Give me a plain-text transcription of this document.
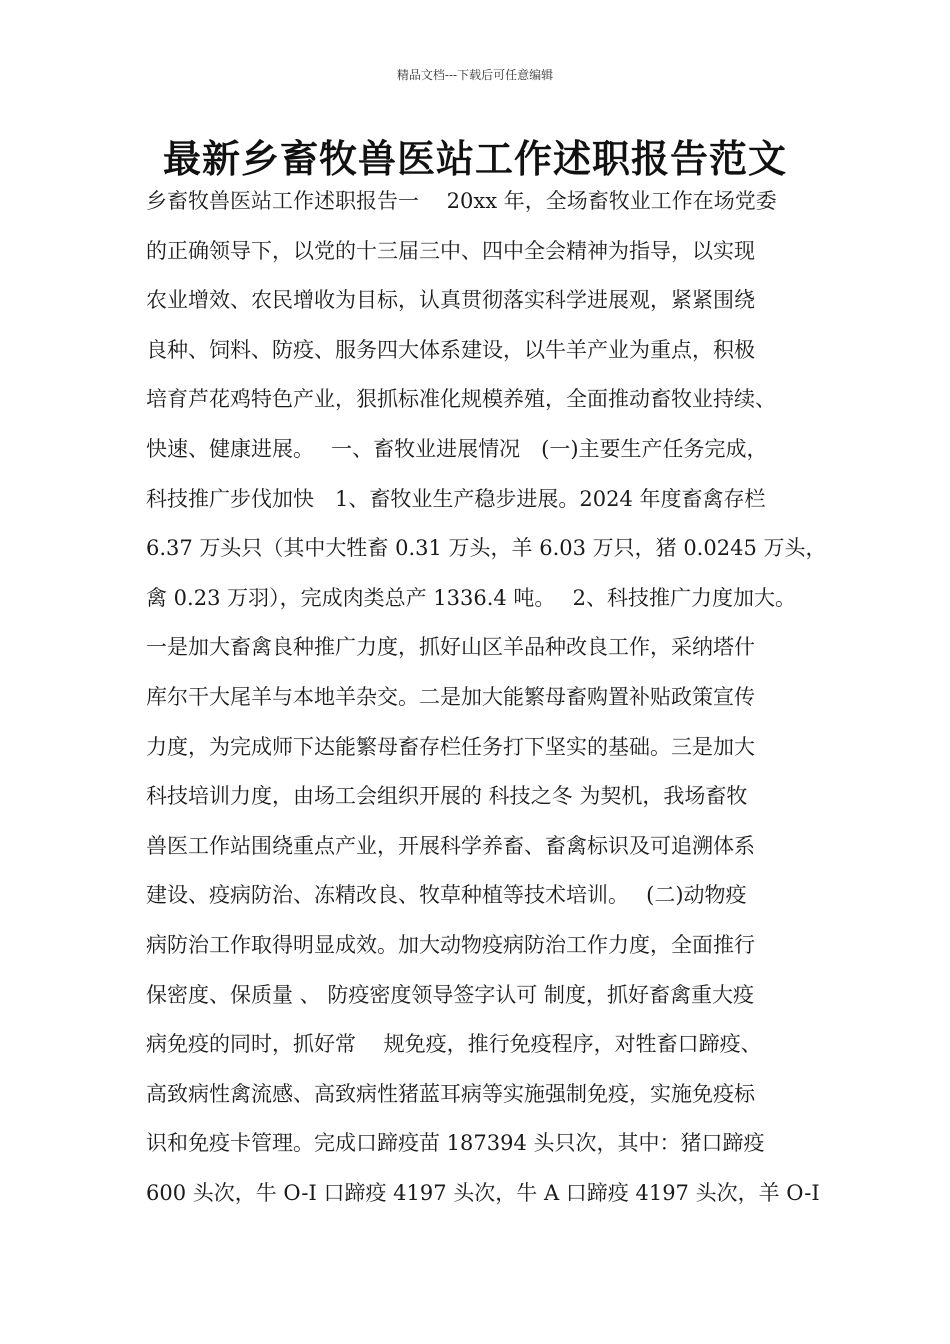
精品文档---下载后可任意编辑
最新乡畜牧兽医站工作述职报告范文
乡畜牧兽医站工作述职报告一　 20xx 年，全场畜牧业工作在场党委
的正确领导下，以党的十三届三中、四中全会精神为指导，以实现
农业增效、农民增收为目标，认真贯彻落实科学进展观，紧紧围绕
良种、饲料、防疫、服务四大体系建设，以牛羊产业为重点，积极
培育芦花鸡特色产业，狠抓标准化规模养殖，全面推动畜牧业持续、
快速、健康进展。　 一、畜牧业进展情况　(一)主要生产任务完成，
科技推广步伐加快　1、畜牧业生产稳步进展。2024 年度畜禽存栏
6.37 万头只（其中大牲畜 0.31 万头，羊 6.03 万只，猪 0.0245 万头，
禽 0.23 万羽），完成肉类总产 1336.4 吨。　 2、科技推广力度加大。
一是加大畜禽良种推广力度，抓好山区羊品种改良工作，采纳塔什
库尔干大尾羊与本地羊杂交。二是加大能繁母畜购置补贴政策宣传
力度，为完成师下达能繁母畜存栏任务打下坚实的基础。三是加大
科技培训力度，由场工会组织开展的 科技之冬 为契机，我场畜牧
兽医工作站围绕重点产业，开展科学养畜、畜禽标识及可追溯体系
建设、疫病防治、冻精改良、牧草种植等技术培训。　 (二)动物疫
病防治工作取得明显成效。加大动物疫病防治工作力度，全面推行
保密度、保质量 、 防疫密度领导签字认可 制度，抓好畜禽重大疫
病免疫的同时，抓好常　 规免疫，推行免疫程序，对牲畜口蹄疫、
高致病性禽流感、高致病性猪蓝耳病等实施强制免疫，实施免疫标
识和免疫卡管理。完成口蹄疫苗 187394 头只次，其中：猪口蹄疫
600 头次，牛 O-I 口蹄疫 4197 头次，牛 A 口蹄疫 4197 头次，羊 O-I
